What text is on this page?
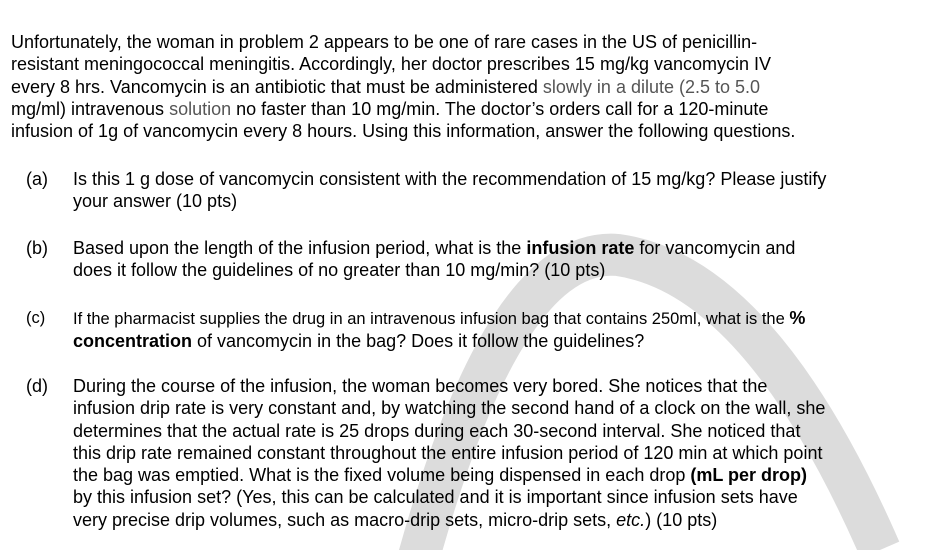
Unfortunately, the woman in problem 2 appears to be one of rare cases in the US of penicillin-
resistant meningococcal meningitis. Accordingly, her doctor prescribes 15 mg/kg vancomycin IV
every 8 hrs. Vancomycin is an antibiotic that must be administered slowly in a dilute (2.5 to 5.0
mg/ml) intravenous solution no faster than 10 mg/min. The doctor’s orders call for a 120-minute
infusion of 1g of vancomycin every 8 hours. Using this information, answer the following questions.
(a) Is this 1 g dose of vancomycin consistent with the recommendation of 15 mg/kg? Please justify
your answer (10 pts)
(b) Based upon the length of the infusion period, what is the infusion rate for vancomycin and
does it follow the guidelines of no greater than 10 mg/min? (10 pts)
(c) If the pharmacist supplies the drug in an intravenous infusion bag that contains 250ml, what is the %
concentration of vancomycin in the bag? Does it follow the guidelines?
(d) During the course of the infusion, the woman becomes very bored. She notices that the
infusion drip rate is very constant and, by watching the second hand of a clock on the wall, she
determines that the actual rate is 25 drops during each 30-second interval. She noticed that
this drip rate remained constant throughout the entire infusion period of 120 min at which point
the bag was emptied. What is the fixed volume being dispensed in each drop (mL per drop)
by this infusion set? (Yes, this can be calculated and it is important since infusion sets have
very precise drip volumes, such as macro-drip sets, micro-drip sets, etc.) (10 pts)
